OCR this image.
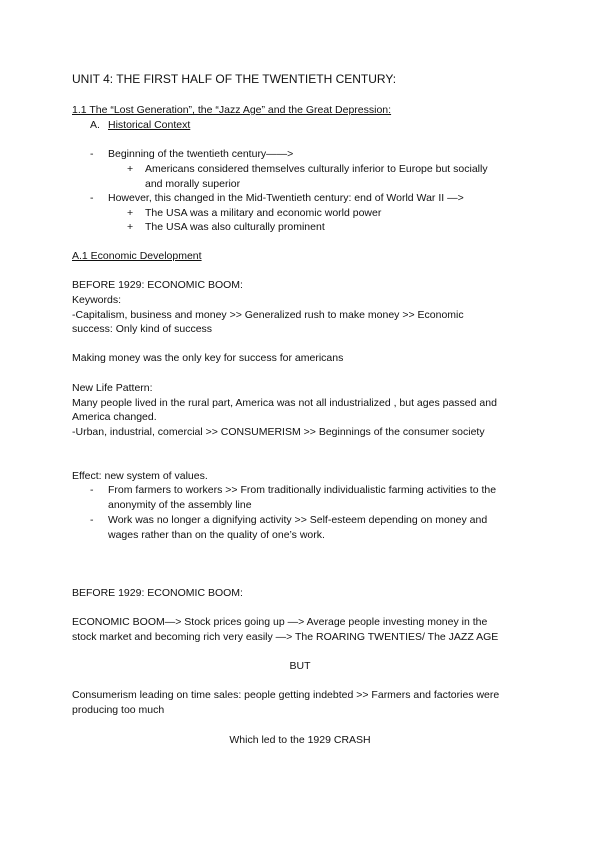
UNIT 4: THE FIRST HALF OF THE TWENTIETH CENTURY:
1.1 The “Lost Generation”, the “Jazz Age” and the Great Depression:
A. Historical Context
- Beginning of the twentieth century——>
+ Americans considered themselves culturally inferior to Europe but socially
and morally superior
- However, this changed in the Mid-Twentieth century: end of World War II —>
+ The USA was a military and economic world power
+ The USA was also culturally prominent
A.1 Economic Development
BEFORE 1929: ECONOMIC BOOM:
Keywords:
-Capitalism, business and money >> Generalized rush to make money >> Economic
success: Only kind of success
Making money was the only key for success for americans
New Life Pattern:
Many people lived in the rural part, America was not all industrialized , but ages passed and
America changed.
-Urban, industrial, comercial >> CONSUMERISM >> Beginnings of the consumer society
Effect: new system of values.
- From farmers to workers >> From traditionally individualistic farming activities to the
anonymity of the assembly line
- Work was no longer a dignifying activity >> Self-esteem depending on money and
wages rather than on the quality of one’s work.
BEFORE 1929: ECONOMIC BOOM:
ECONOMIC BOOM—> Stock prices going up —> Average people investing money in the
stock market and becoming rich very easily —> The ROARING TWENTIES/ The JAZZ AGE
BUT
Consumerism leading on time sales: people getting indebted >> Farmers and factories were
producing too much
Which led to the 1929 CRASH
